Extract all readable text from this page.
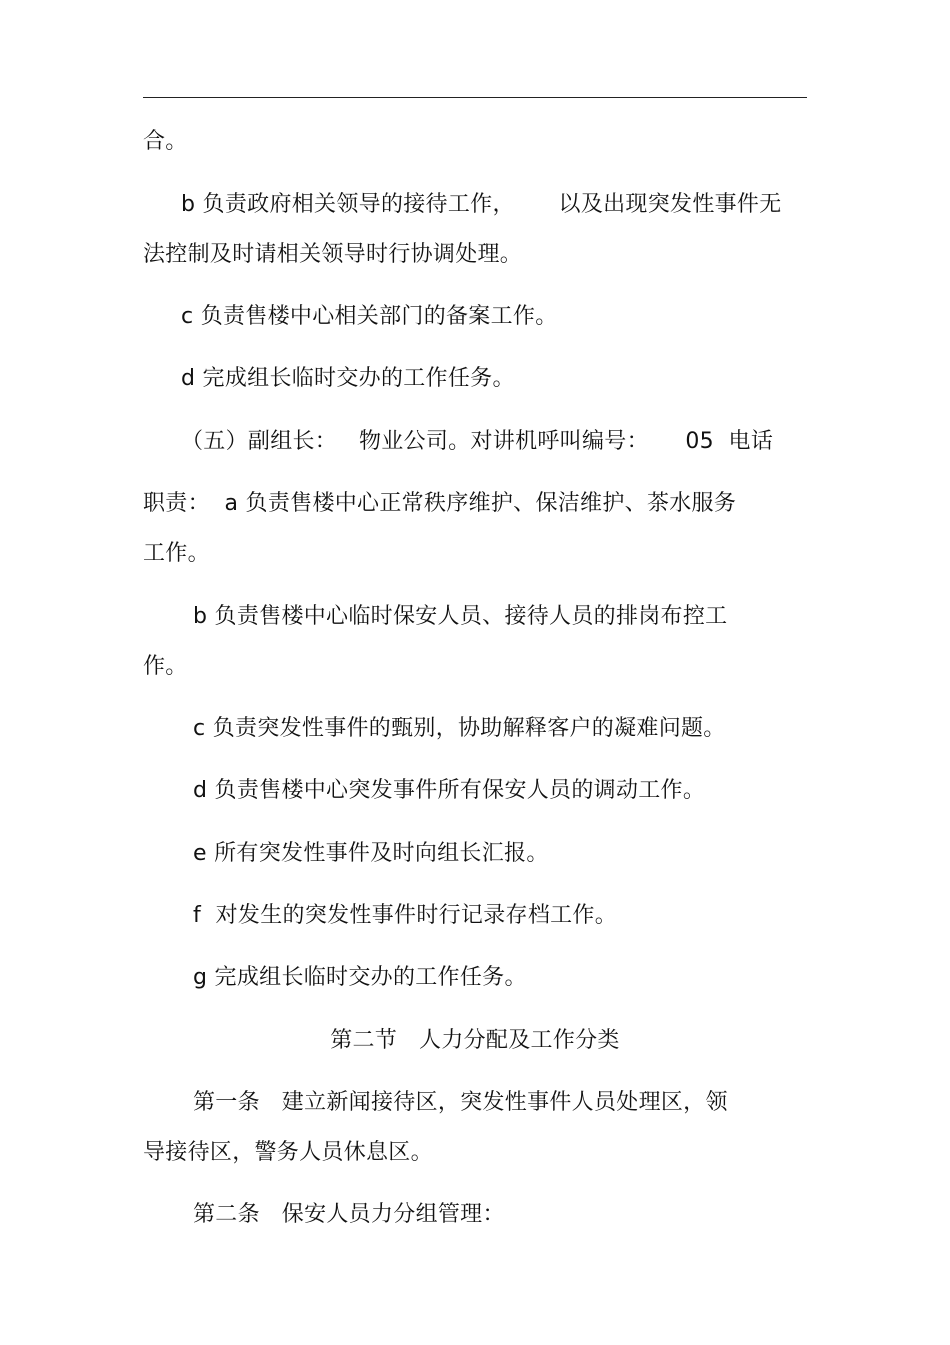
合。
b 负责政府相关领导的接待工作，      以及出现突发性事件无
法控制及时请相关领导时行协调处理。
c 负责售楼中心相关部门的备案工作。
d 完成组长临时交办的工作任务。
（五）副组长：   物业公司。对讲机呼叫编号：     05  电话
职责：  a 负责售楼中心正常秩序维护、保洁维护、茶水服务
工作。
b 负责售楼中心临时保安人员、接待人员的排岗布控工
作。
c 负责突发性事件的甄别，协助解释客户的凝难问题。
d 负责售楼中心突发事件所有保安人员的调动工作。
e 所有突发性事件及时向组长汇报。
f  对发生的突发性事件时行记录存档工作。
g 完成组长临时交办的工作任务。
第二节   人力分配及工作分类
第一条   建立新闻接待区，突发性事件人员处理区，领
导接待区，警务人员休息区。
第二条   保安人员力分组管理：
